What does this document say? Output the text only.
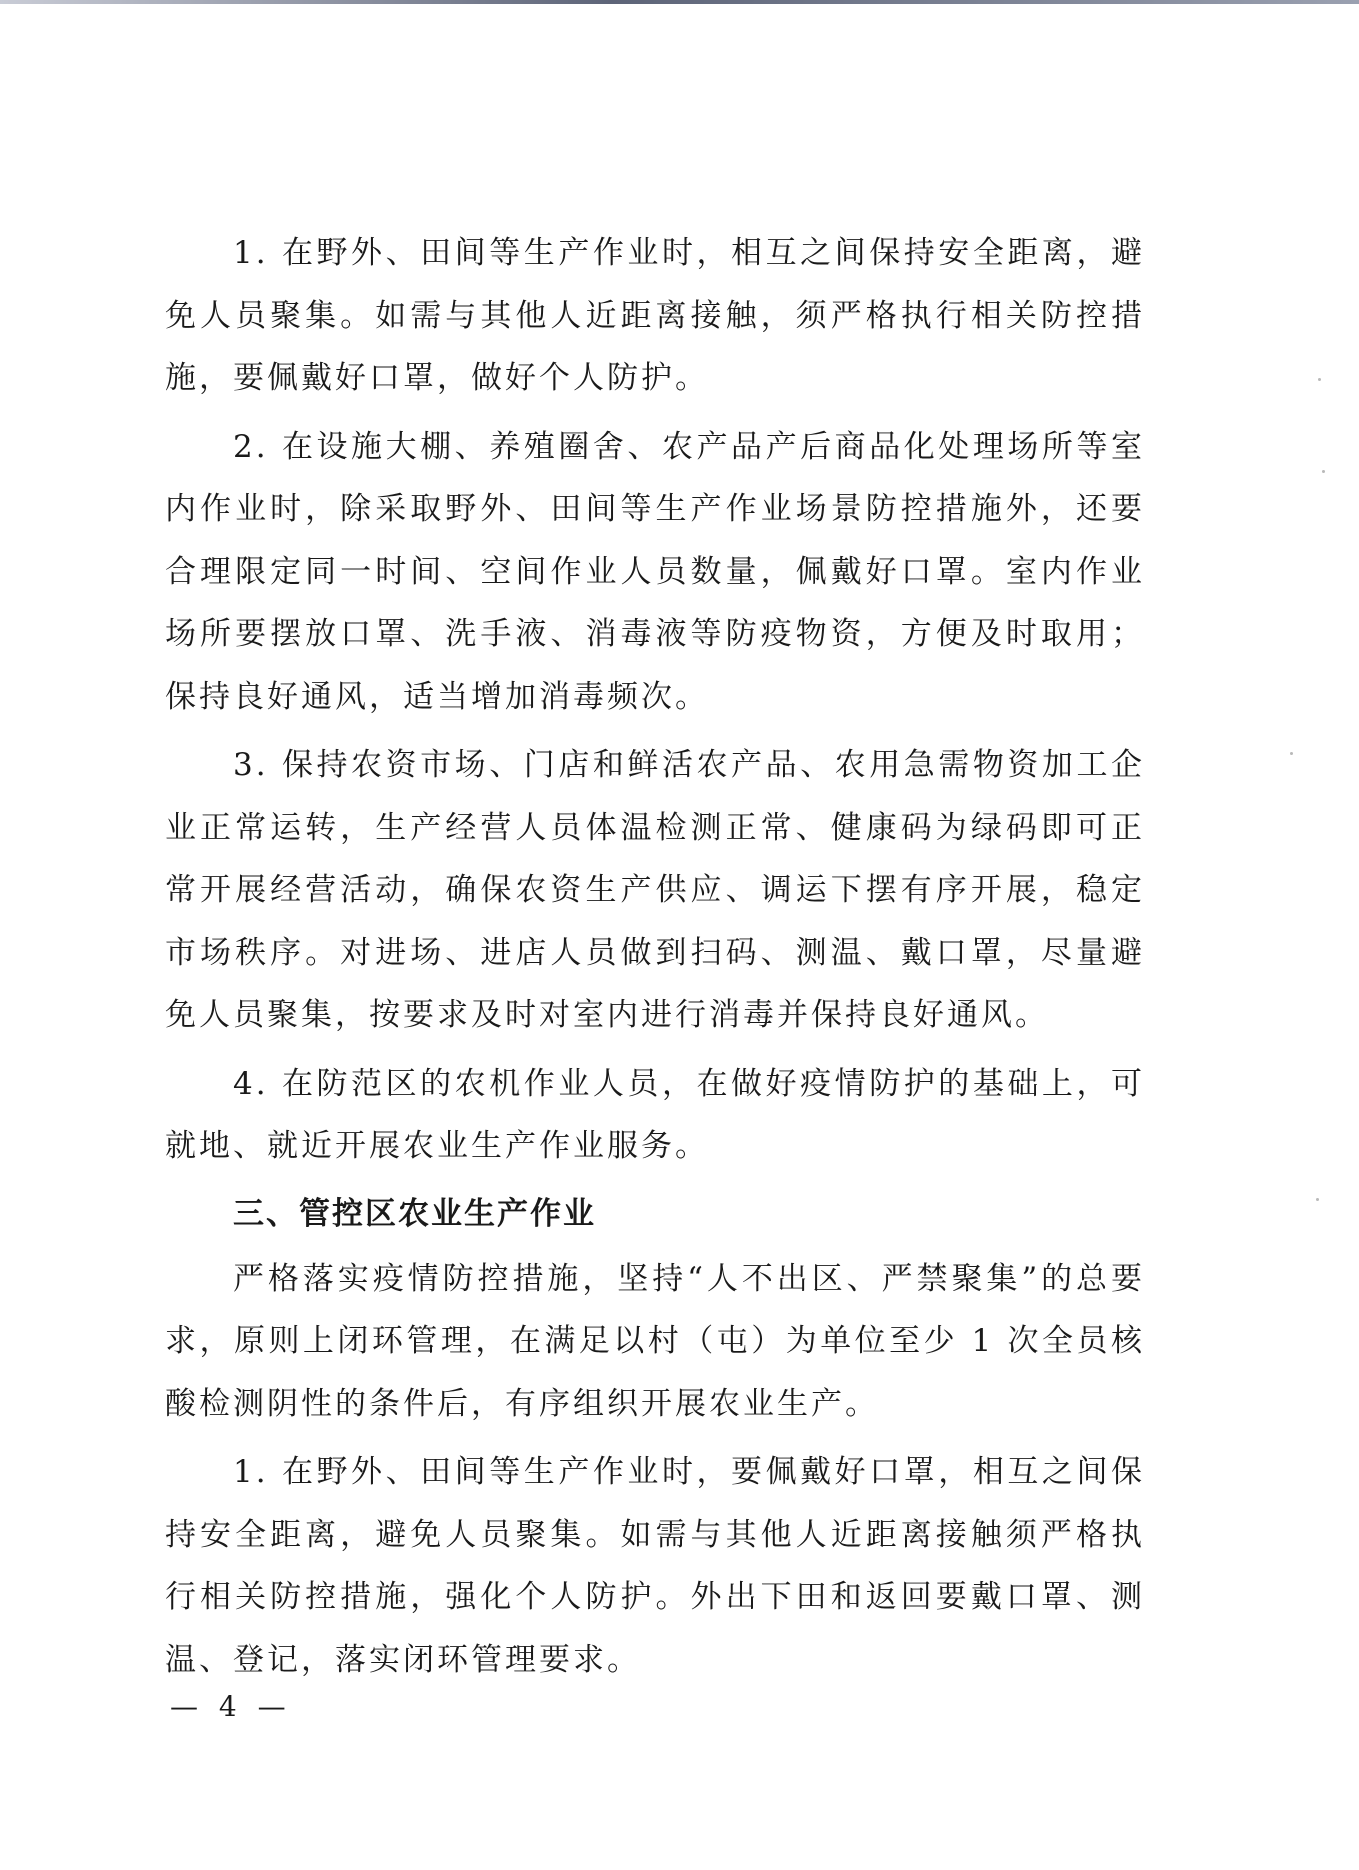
1. 在野外、田间等生产作业时，相互之间保持安全距离，避免人员聚集。如需与其他人近距离接触，须严格执行相关防控措施，要佩戴好口罩，做好个人防护。

2. 在设施大棚、养殖圈舍、农产品产后商品化处理场所等室内作业时，除采取野外、田间等生产作业场景防控措施外，还要合理限定同一时间、空间作业人员数量，佩戴好口罩。室内作业场所要摆放口罩、洗手液、消毒液等防疫物资，方便及时取用；保持良好通风，适当增加消毒频次。

3. 保持农资市场、门店和鲜活农产品、农用急需物资加工企业正常运转，生产经营人员体温检测正常、健康码为绿码即可正常开展经营活动，确保农资生产供应、调运下摆有序开展，稳定市场秩序。对进场、进店人员做到扫码、测温、戴口罩，尽量避免人员聚集，按要求及时对室内进行消毒并保持良好通风。

4. 在防范区的农机作业人员，在做好疫情防护的基础上，可就地、就近开展农业生产作业服务。

三、管控区农业生产作业

严格落实疫情防控措施，坚持“人不出区、严禁聚集”的总要求，原则上闭环管理，在满足以村（屯）为单位至少 1 次全员核酸检测阴性的条件后，有序组织开展农业生产。

1. 在野外、田间等生产作业时，要佩戴好口罩，相互之间保持安全距离，避免人员聚集。如需与其他人近距离接触须严格执行相关防控措施，强化个人防护。外出下田和返回要戴口罩、测温、登记，落实闭环管理要求。

— 4 —
